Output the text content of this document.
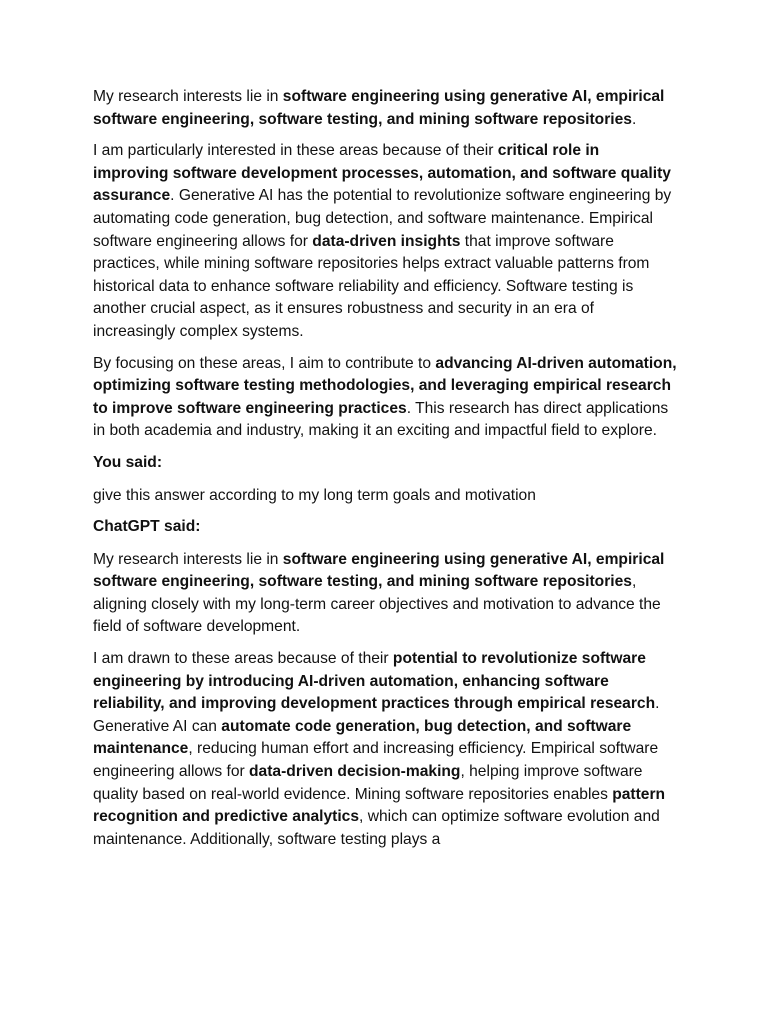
My research interests lie in software engineering using generative AI, empirical software engineering, software testing, and mining software repositories.

I am particularly interested in these areas because of their critical role in improving software development processes, automation, and software quality assurance. Generative AI has the potential to revolutionize software engineering by automating code generation, bug detection, and software maintenance. Empirical software engineering allows for data-driven insights that improve software practices, while mining software repositories helps extract valuable patterns from historical data to enhance software reliability and efficiency. Software testing is another crucial aspect, as it ensures robustness and security in an era of increasingly complex systems.

By focusing on these areas, I aim to contribute to advancing AI-driven automation, optimizing software testing methodologies, and leveraging empirical research to improve software engineering practices. This research has direct applications in both academia and industry, making it an exciting and impactful field to explore.

You said:

give this answer according to my long term goals and motivation

ChatGPT said:

My research interests lie in software engineering using generative AI, empirical software engineering, software testing, and mining software repositories, aligning closely with my long-term career objectives and motivation to advance the field of software development.

I am drawn to these areas because of their potential to revolutionize software engineering by introducing AI-driven automation, enhancing software reliability, and improving development practices through empirical research. Generative AI can automate code generation, bug detection, and software maintenance, reducing human effort and increasing efficiency. Empirical software engineering allows for data-driven decision-making, helping improve software quality based on real-world evidence. Mining software repositories enables pattern recognition and predictive analytics, which can optimize software evolution and maintenance. Additionally, software testing plays a
